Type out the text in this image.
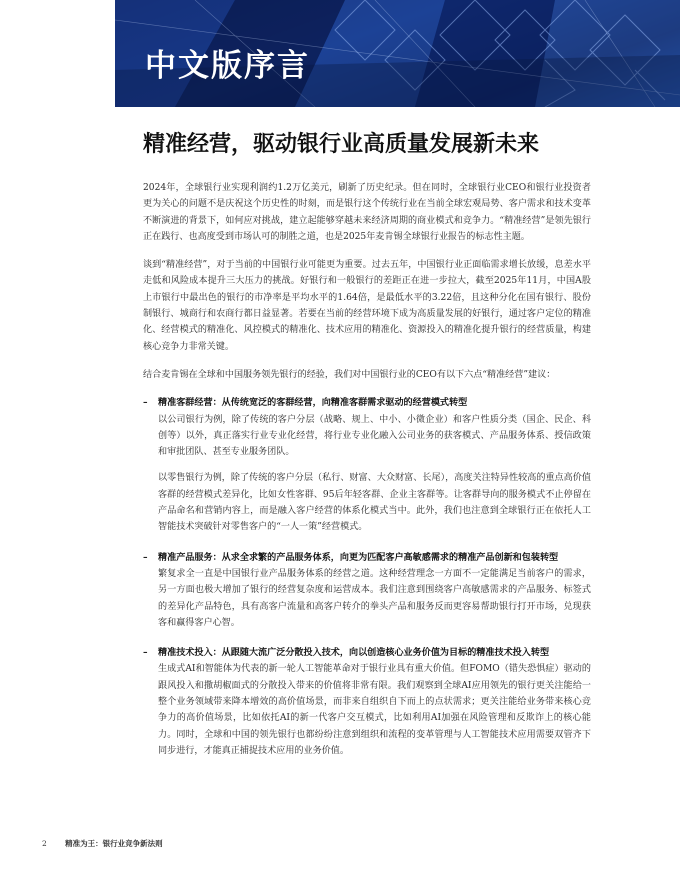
中文版序言
精准经营，驱动银行业高质量发展新未来

2024年，全球银行业实现利润约1.2万亿美元，刷新了历史纪录。但在同时，全球银行业CEO和银行业投资者更为关心的问题不是庆祝这个历史性的时刻，而是银行这个传统行业在当前全球宏观局势、客户需求和技术变革不断演进的背景下，如何应对挑战，建立起能够穿越未来经济周期的商业模式和竞争力。“精准经营”是领先银行正在践行、也高度受到市场认可的制胜之道，也是2025年麦肯锡全球银行业报告的标志性主题。

谈到“精准经营”，对于当前的中国银行业可能更为重要。过去五年，中国银行业正面临需求增长放缓，息差水平走低和风险成本提升三大压力的挑战。好银行和一般银行的差距正在进一步拉大，截至2025年11月，中国A股上市银行中最出色的银行的市净率是平均水平的1.64倍，是最低水平的3.22倍，且这种分化在国有银行、股份制银行、城商行和农商行都日益显著。若要在当前的经营环境下成为高质量发展的好银行，通过客户定位的精准化、经营模式的精准化、风控模式的精准化、技术应用的精准化、资源投入的精准化提升银行的经营质量，构建核心竞争力非常关键。

结合麦肯锡在全球和中国服务领先银行的经验，我们对中国银行业的CEO有以下六点“精准经营”建议：

– 精准客群经营：从传统宽泛的客群经营，向精准客群需求驱动的经营模式转型

以公司银行为例，除了传统的客户分层（战略、规上、中小、小微企业）和客户性质分类（国企、民企、科创等）以外，真正落实行业专业化经营，将行业专业化融入公司业务的获客模式、产品服务体系、授信政策和审批团队、甚至专业服务团队。

以零售银行为例，除了传统的客户分层（私行、财富、大众财富、长尾），高度关注特异性较高的重点高价值客群的经营模式差异化，比如女性客群、95后年轻客群、企业主客群等。让客群导向的服务模式不止停留在产品命名和营销内容上，而是融入客户经营的体系化模式当中。此外，我们也注意到全球银行正在依托人工智能技术突破针对零售客户的“一人一策”经营模式。

– 精准产品服务：从求全求繁的产品服务体系，向更为匹配客户高敏感需求的精准产品创新和包装转型

繁复求全一直是中国银行业产品服务体系的经营之道。这种经营理念一方面不一定能满足当前客户的需求，另一方面也极大增加了银行的经营复杂度和运营成本。我们注意到围绕客户高敏感需求的产品服务、标签式的差异化产品特色，具有高客户流量和高客户转介的拳头产品和服务反而更容易帮助银行打开市场，兑现获客和赢得客户心智。

– 精准技术投入：从跟随大流广泛分散投入技术，向以创造核心业务价值为目标的精准技术投入转型

生成式AI和智能体为代表的新一轮人工智能革命对于银行业具有重大价值。但FOMO（错失恐惧症）驱动的跟风投入和撒胡椒面式的分散投入带来的价值将非常有限。我们观察到全球AI应用领先的银行更关注能给一整个业务领域带来降本增效的高价值场景，而非来自组织自下而上的点状需求；更关注能给业务带来核心竞争力的高价值场景，比如依托AI的新一代客户交互模式，比如利用AI加强在风险管理和反欺诈上的核心能力。同时，全球和中国的领先银行也都纷纷注意到组织和流程的变革管理与人工智能技术应用需要双管齐下同步进行，才能真正捕捉技术应用的业务价值。

2 精准为王：银行业竞争新法则
